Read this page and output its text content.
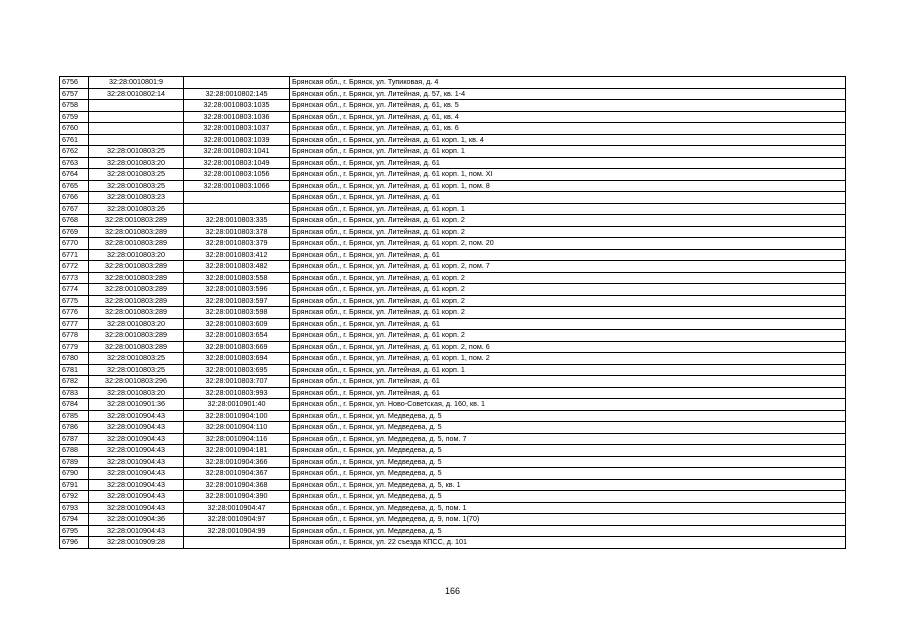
6756	32:28:0010801:9		Брянская обл., г. Брянск, ул. Тупиковая, д. 4
6757	32:28:0010802:14	32:28:0010802:145	Брянская обл., г. Брянск, ул. Литейная, д. 57, кв. 1-4
6758		32:28:0010803:1035	Брянская обл., г. Брянск, ул. Литейная, д. 61, кв. 5
6759		32:28:0010803:1036	Брянская обл., г. Брянск, ул. Литейная, д. 61, кв. 4
6760		32:28:0010803:1037	Брянская обл., г. Брянск, ул. Литейная, д. 61, кв. 6
6761		32:28:0010803:1039	Брянская обл., г. Брянск, ул. Литейная, д. 61 корп. 1, кв. 4
6762	32:28:0010803:25	32:28:0010803:1041	Брянская обл., г. Брянск, ул. Литейная, д. 61 корп. 1
6763	32:28:0010803:20	32:28:0010803:1049	Брянская обл., г. Брянск, ул. Литейная, д. 61
6764	32:28:0010803:25	32:28:0010803:1056	Брянская обл., г. Брянск, ул. Литейная, д. 61 корп. 1, пом. XI
6765	32:28:0010803:25	32:28:0010803:1066	Брянская обл., г. Брянск, ул. Литейная, д. 61 корп. 1, пом. 8
6766	32:28:0010803:23		Брянская обл., г. Брянск, ул. Литейная, д. 61
6767	32:28:0010803:26		Брянская обл., г. Брянск, ул. Литейная, д. 61 корп. 1
6768	32:28:0010803:289	32:28:0010803:335	Брянская обл., г. Брянск, ул. Литейная, д. 61 корп. 2
6769	32:28:0010803:289	32:28:0010803:378	Брянская обл., г. Брянск, ул. Литейная, д. 61 корп. 2
6770	32:28:0010803:289	32:28:0010803:379	Брянская обл., г. Брянск, ул. Литейная, д. 61 корп. 2, пом. 20
6771	32:28:0010803:20	32:28:0010803:412	Брянская обл., г. Брянск, ул. Литейная, д. 61
6772	32:28:0010803:289	32:28:0010803:482	Брянская обл., г. Брянск, ул. Литейная, д. 61 корп. 2, пом. 7
6773	32:28:0010803:289	32:28:0010803:558	Брянская обл., г. Брянск, ул. Литейная, д. 61 корп. 2
6774	32:28:0010803:289	32:28:0010803:596	Брянская обл., г. Брянск, ул. Литейная, д. 61 корп. 2
6775	32:28:0010803:289	32:28:0010803:597	Брянская обл., г. Брянск, ул. Литейная, д. 61 корп. 2
6776	32:28:0010803:289	32:28:0010803:598	Брянская обл., г. Брянск, ул. Литейная, д. 61 корп. 2
6777	32:28:0010803:20	32:28:0010803:609	Брянская обл., г. Брянск, ул. Литейная, д. 61
6778	32:28:0010803:289	32:28:0010803:654	Брянская обл., г. Брянск, ул. Литейная, д. 61 корп. 2
6779	32:28:0010803:289	32:28:0010803:669	Брянская обл., г. Брянск, ул. Литейная, д. 61 корп. 2, пом. 6
6780	32:28:0010803:25	32:28:0010803:694	Брянская обл., г. Брянск, ул. Литейная, д. 61 корп. 1, пом. 2
6781	32:28:0010803:25	32:28:0010803:695	Брянская обл., г. Брянск, ул. Литейная, д. 61 корп. 1
6782	32:28:0010803:296	32:28:0010803:707	Брянская обл., г. Брянск, ул. Литейная, д. 61
6783	32:28:0010803:20	32:28:0010803:993	Брянская обл., г. Брянск, ул. Литейная, д. 61
6784	32:28:0010901:36	32:28:0010901:40	Брянская обл., г. Брянск, ул. Ново-Советская, д. 160, кв. 1
6785	32:28:0010904:43	32:28:0010904:100	Брянская обл., г. Брянск, ул. Медведева, д. 5
6786	32:28:0010904:43	32:28:0010904:110	Брянская обл., г. Брянск, ул. Медведева, д. 5
6787	32:28:0010904:43	32:28:0010904:116	Брянская обл., г. Брянск, ул. Медведева, д. 5, пом. 7
6788	32:28:0010904:43	32:28:0010904:181	Брянская обл., г. Брянск, ул. Медведева, д. 5
6789	32:28:0010904:43	32:28:0010904:366	Брянская обл., г. Брянск, ул. Медведева, д. 5
6790	32:28:0010904:43	32:28:0010904:367	Брянская обл., г. Брянск, ул. Медведева, д. 5
6791	32:28:0010904:43	32:28:0010904:368	Брянская обл., г. Брянск, ул. Медведева, д. 5, кв. 1
6792	32:28:0010904:43	32:28:0010904:390	Брянская обл., г. Брянск, ул. Медведева, д. 5
6793	32:28:0010904:43	32:28:0010904:47	Брянская обл., г. Брянск, ул. Медведева, д. 5, пом. 1
6794	32:28:0010904:36	32:28:0010904:97	Брянская обл., г. Брянск, ул. Медведева, д. 9, пом. 1(70)
6795	32:28:0010904:43	32:28:0010904:99	Брянская обл., г. Брянск, ул. Медведева, д. 5
6796	32:28:0010909:28		Брянская обл., г. Брянск, ул. 22 съезда КПСС, д. 101
166
